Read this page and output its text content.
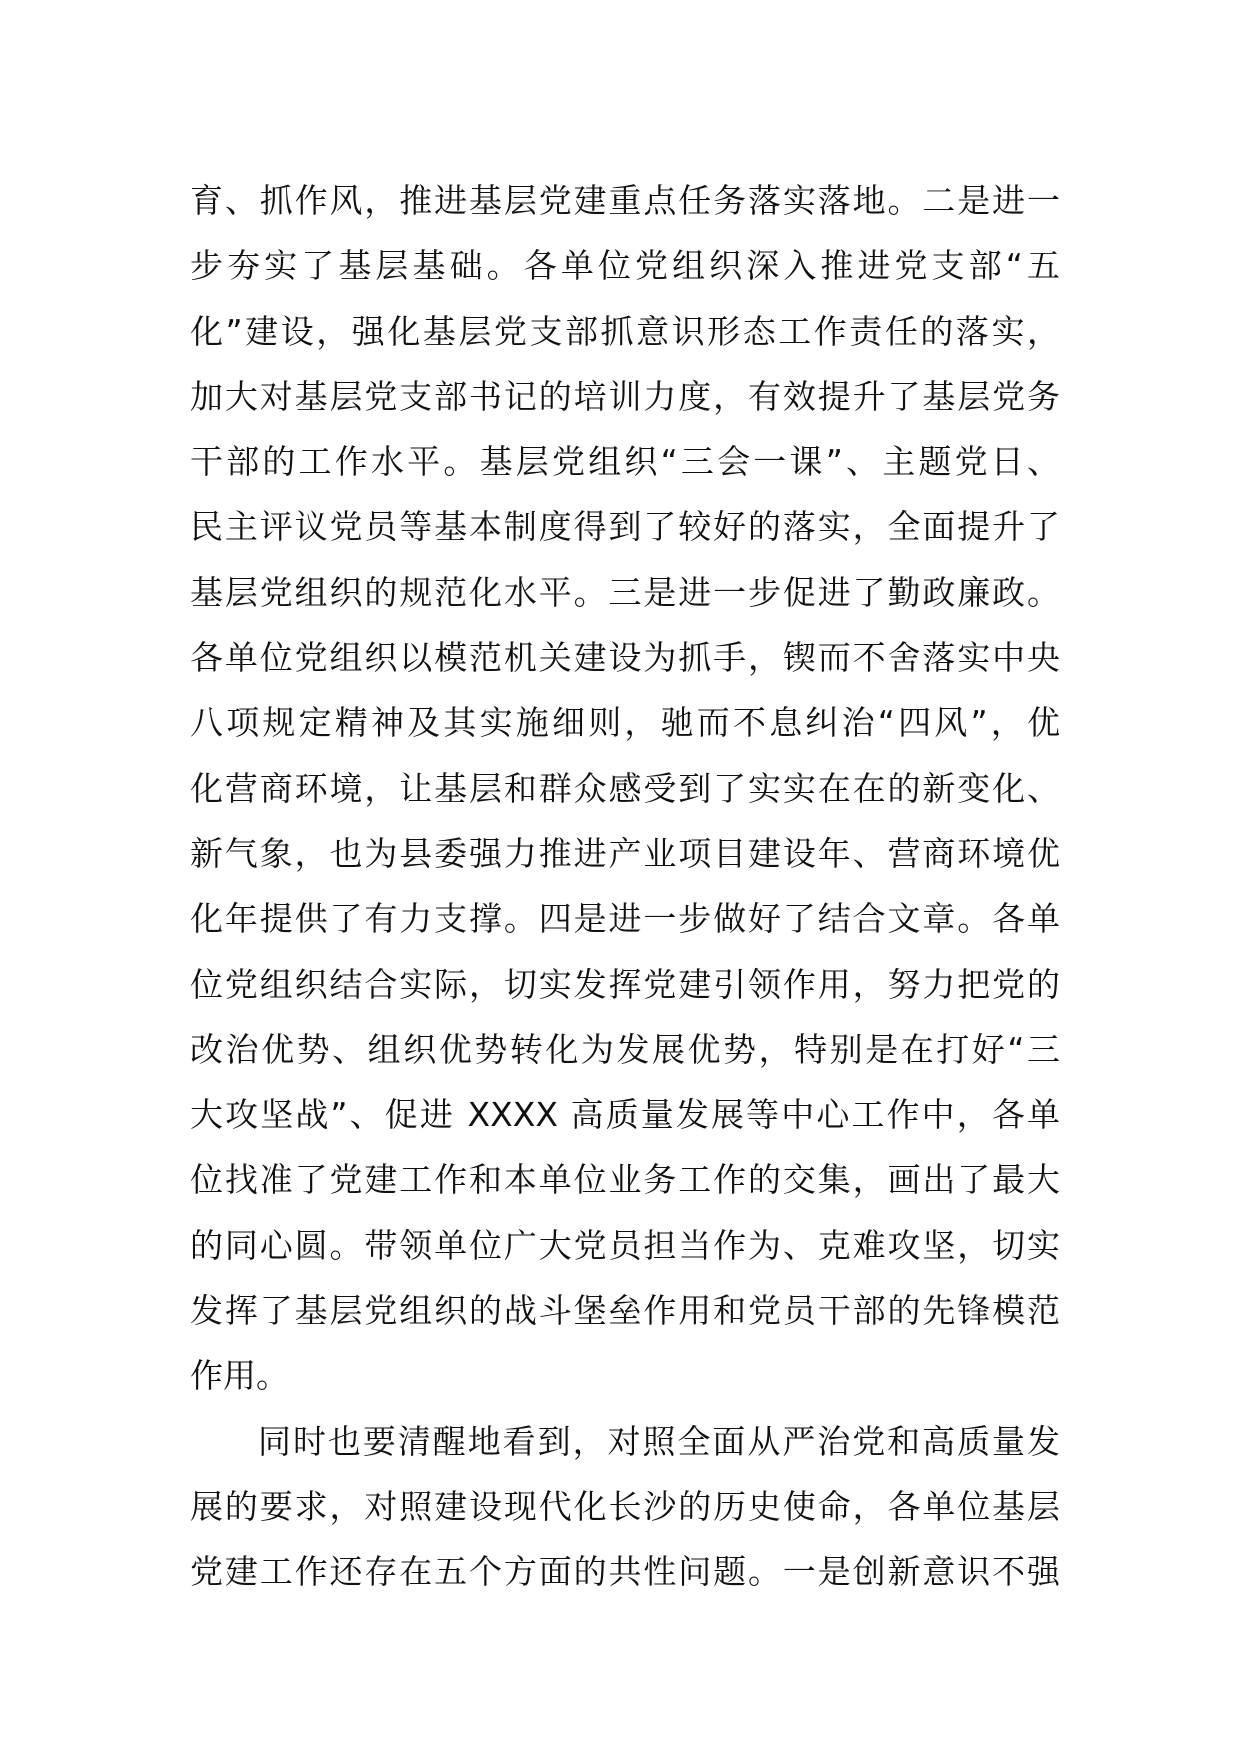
育、抓作风，推进基层党建重点任务落实落地。二是进一
步夯实了基层基础。各单位党组织深入推进党支部“五
化”建设，强化基层党支部抓意识形态工作责任的落实，
加大对基层党支部书记的培训力度，有效提升了基层党务
干部的工作水平。基层党组织“三会一课”、主题党日、
民主评议党员等基本制度得到了较好的落实，全面提升了
基层党组织的规范化水平。三是进一步促进了勤政廉政。
各单位党组织以模范机关建设为抓手，锲而不舍落实中央
八项规定精神及其实施细则，驰而不息纠治“四风”，优
化营商环境，让基层和群众感受到了实实在在的新变化、
新气象，也为县委强力推进产业项目建设年、营商环境优
化年提供了有力支撑。四是进一步做好了结合文章。各单
位党组织结合实际，切实发挥党建引领作用，努力把党的
改治优势、组织优势转化为发展优势，特别是在打好“三
大攻坚战”、促进 XXXX 高质量发展等中心工作中，各单
位找准了党建工作和本单位业务工作的交集，画出了最大
的同心圆。带领单位广大党员担当作为、克难攻坚，切实
发挥了基层党组织的战斗堡垒作用和党员干部的先锋模范
作用。
同时也要清醒地看到，对照全面从严治党和高质量发
展的要求，对照建设现代化长沙的历史使命，各单位基层
党建工作还存在五个方面的共性问题。一是创新意识不强
